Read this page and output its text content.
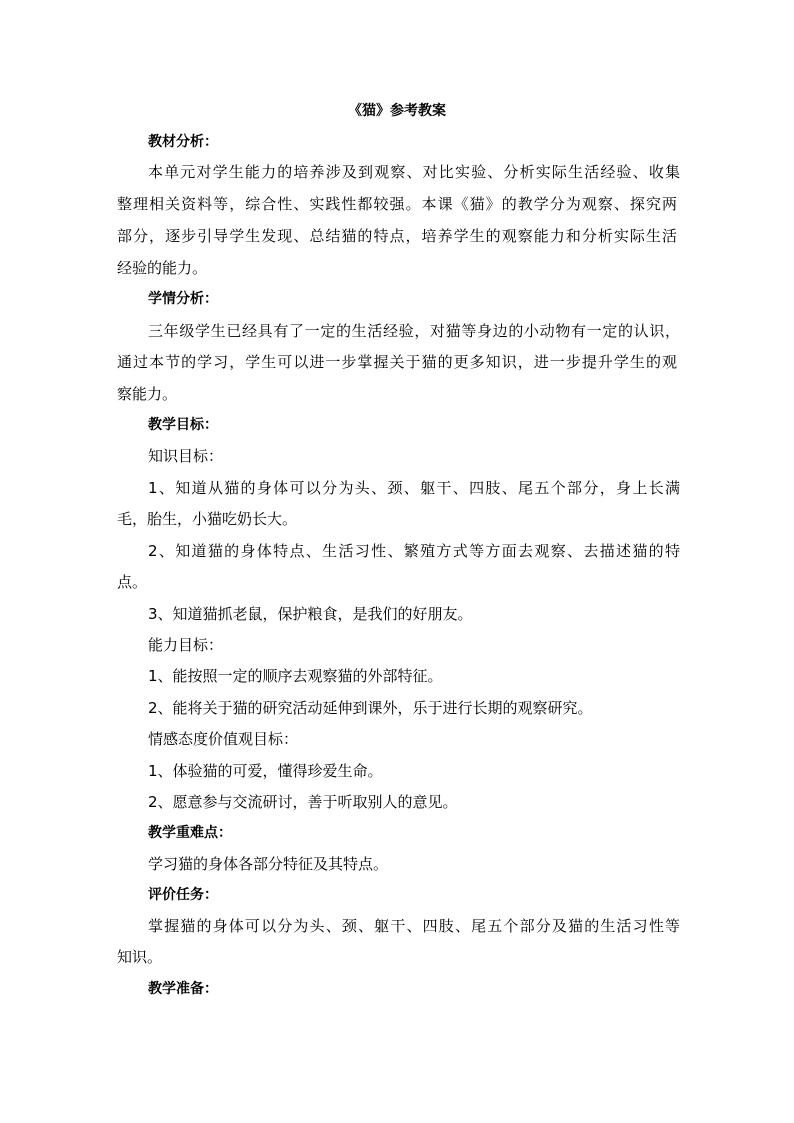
《猫》参考教案
教材分析：
本单元对学生能力的培养涉及到观察、对比实验、分析实际生活经验、收集
整理相关资料等，综合性、实践性都较强。本课《猫》的教学分为观察、探究两
部分，逐步引导学生发现、总结猫的特点，培养学生的观察能力和分析实际生活
经验的能力。
学情分析：
三年级学生已经具有了一定的生活经验，对猫等身边的小动物有一定的认识，
通过本节的学习，学生可以进一步掌握关于猫的更多知识，进一步提升学生的观
察能力。
教学目标：
知识目标：
1、知道从猫的身体可以分为头、颈、躯干、四肢、尾五个部分，身上长满
毛，胎生，小猫吃奶长大。
2、知道猫的身体特点、生活习性、繁殖方式等方面去观察、去描述猫的特
点。
3、知道猫抓老鼠，保护粮食，是我们的好朋友。
能力目标：
1、能按照一定的顺序去观察猫的外部特征。
2、能将关于猫的研究活动延伸到课外，乐于进行长期的观察研究。
情感态度价值观目标：
1、体验猫的可爱，懂得珍爱生命。
2、愿意参与交流研讨，善于听取别人的意见。
教学重难点：
学习猫的身体各部分特征及其特点。
评价任务：
掌握猫的身体可以分为头、颈、躯干、四肢、尾五个部分及猫的生活习性等
知识。
教学准备：
